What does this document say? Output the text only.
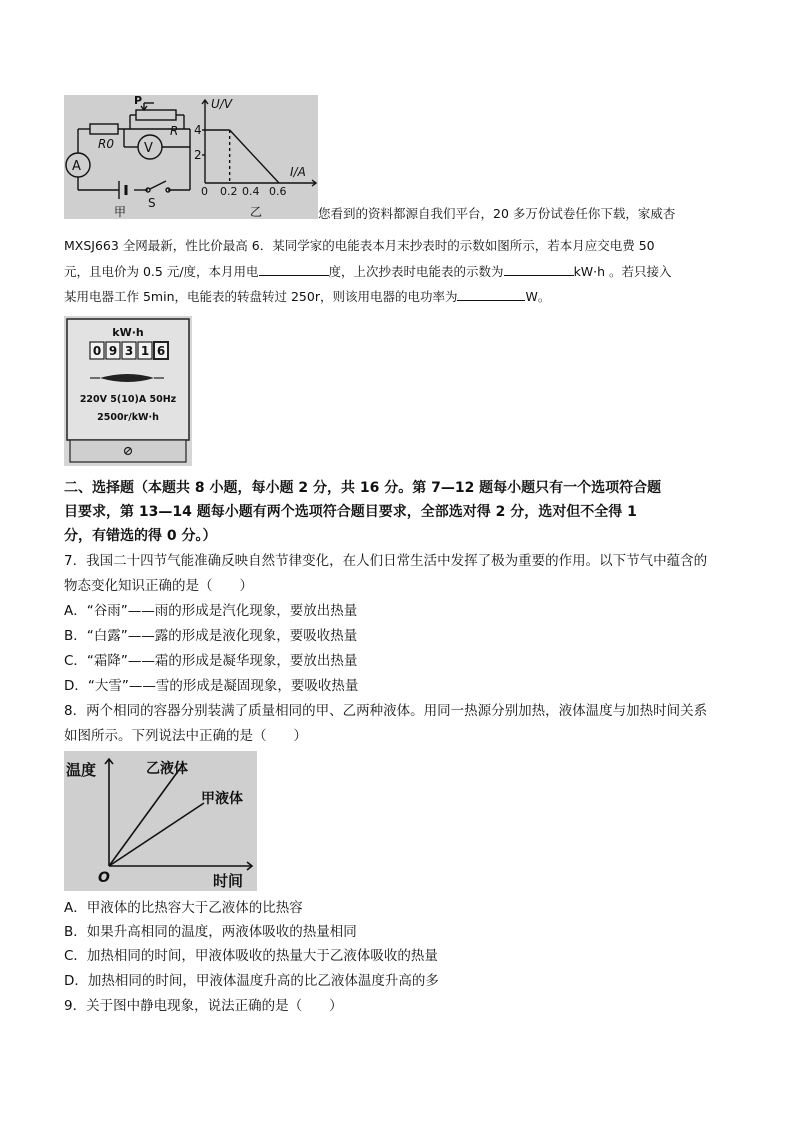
A
V
R0
R
P
S
甲
U/V
I/A
4
2
0 0.2 0.4 0.6
乙	您看到的资料都源自我们平台，20 多万份试卷任你下载，家威杏
MXSJ663 全网最新，性比价最高 6．某同学家的电能表本月末抄表时的示数如图所示，若本月应交电费 50
元，且电价为 0.5 元/度，本月用电	度，上次抄表时电能表的示数为	kW·h 。若只接入
某用电器工作 5min，电能表的转盘转过 250r，则该用电器的电功率为	W。
0 9 3 1 6
kW·h
220V 5(10)A 50Hz
2500r/kW·h
二、选择题（本题共 8 小题，每小题 2 分，共 16 分。第 7—12 题每小题只有一个选项符合题
目要求，第 13—14 题每小题有两个选项符合题目要求，全部选对得 2 分，选对但不全得 1
分，有错选的得 0 分。）
7．我国二十四节气能准确反映自然节律变化，在人们日常生活中发挥了极为重要的作用。以下节气中蕴含的
物态变化知识正确的是（　　）
A．“谷雨”——雨的形成是汽化现象，要放出热量
B．“白露”——露的形成是液化现象，要吸收热量
C．“霜降”——霜的形成是凝华现象，要放出热量
D．“大雪”——雪的形成是凝固现象，要吸收热量
8．两个相同的容器分别装满了质量相同的甲、乙两种液体。用同一热源分别加热，液体温度与加热时间关系
如图所示。下列说法中正确的是（　　）
温度
时间
O
乙液体
甲液体
A．甲液体的比热容大于乙液体的比热容
B．如果升高相同的温度，两液体吸收的热量相同
C．加热相同的时间，甲液体吸收的热量大于乙液体吸收的热量
D．加热相同的时间，甲液体温度升高的比乙液体温度升高的多
9．关于图中静电现象，说法正确的是（　　）
